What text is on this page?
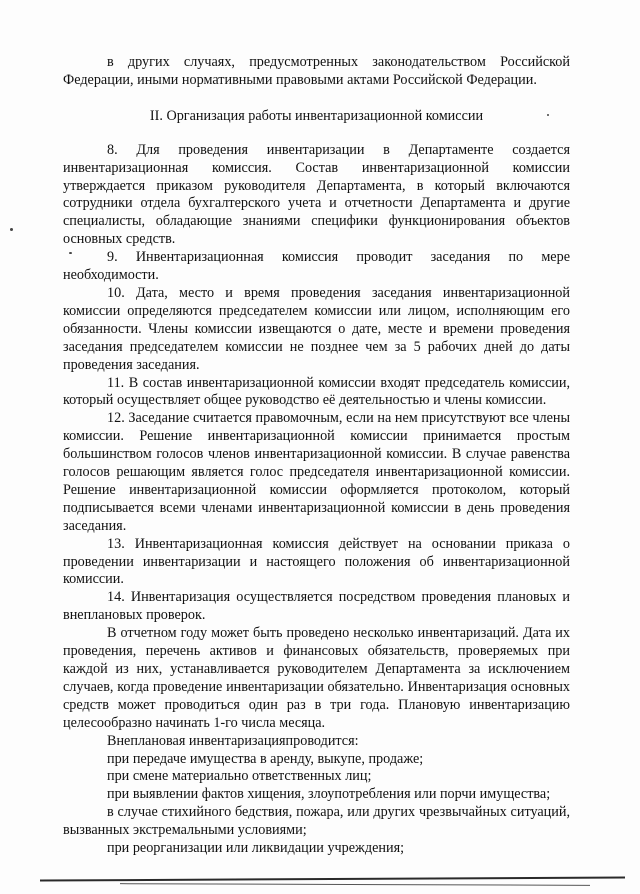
в других случаях, предусмотренных законодательством Российской Федерации, иными нормативными правовыми актами Российской Федерации.

II. Организация работы инвентаризационной комиссии

8. Для проведения инвентаризации в Департаменте создается инвентаризационная комиссия. Состав инвентаризационной комиссии утверждается приказом руководителя Департамента, в который включаются сотрудники отдела бухгалтерского учета и отчетности Департамента и другие специалисты, обладающие знаниями специфики функционирования объектов основных средств.

9. Инвентаризационная комиссия проводит заседания по мере необходимости.

10. Дата, место и время проведения заседания инвентаризационной комиссии определяются председателем комиссии или лицом, исполняющим его обязанности. Члены комиссии извещаются о дате, месте и времени проведения заседания председателем комиссии не позднее чем за 5 рабочих дней до даты проведения заседания.

11. В состав инвентаризационной комиссии входят председатель комиссии, который осуществляет общее руководство её деятельностью и члены комиссии.

12. Заседание считается правомочным, если на нем присутствуют все члены комиссии. Решение инвентаризационной комиссии принимается простым большинством голосов членов инвентаризационной комиссии. В случае равенства голосов решающим является голос председателя инвентаризационной комиссии. Решение инвентаризационной комиссии оформляется протоколом, который подписывается всеми членами инвентаризационной комиссии в день проведения заседания.

13. Инвентаризационная комиссия действует на основании приказа о проведении инвентаризации и настоящего положения об инвентаризационной комиссии.

14. Инвентаризация осуществляется посредством проведения плановых и внеплановых проверок.

В отчетном году может быть проведено несколько инвентаризаций. Дата их проведения, перечень активов и финансовых обязательств, проверяемых при каждой из них, устанавливается руководителем Департамента за исключением случаев, когда проведение инвентаризации обязательно. Инвентаризация основных средств может проводиться один раз в три года. Плановую инвентаризацию целесообразно начинать 1-го числа месяца.

Внеплановая инвентаризацияпроводится:

при передаче имущества в аренду, выкупе, продаже;

при смене материально ответственных лиц;

при выявлении фактов хищения, злоупотребления или порчи имущества;

в случае стихийного бедствия, пожара, или других чрезвычайных ситуаций, вызванных экстремальными условиями;

при реорганизации или ликвидации учреждения;
